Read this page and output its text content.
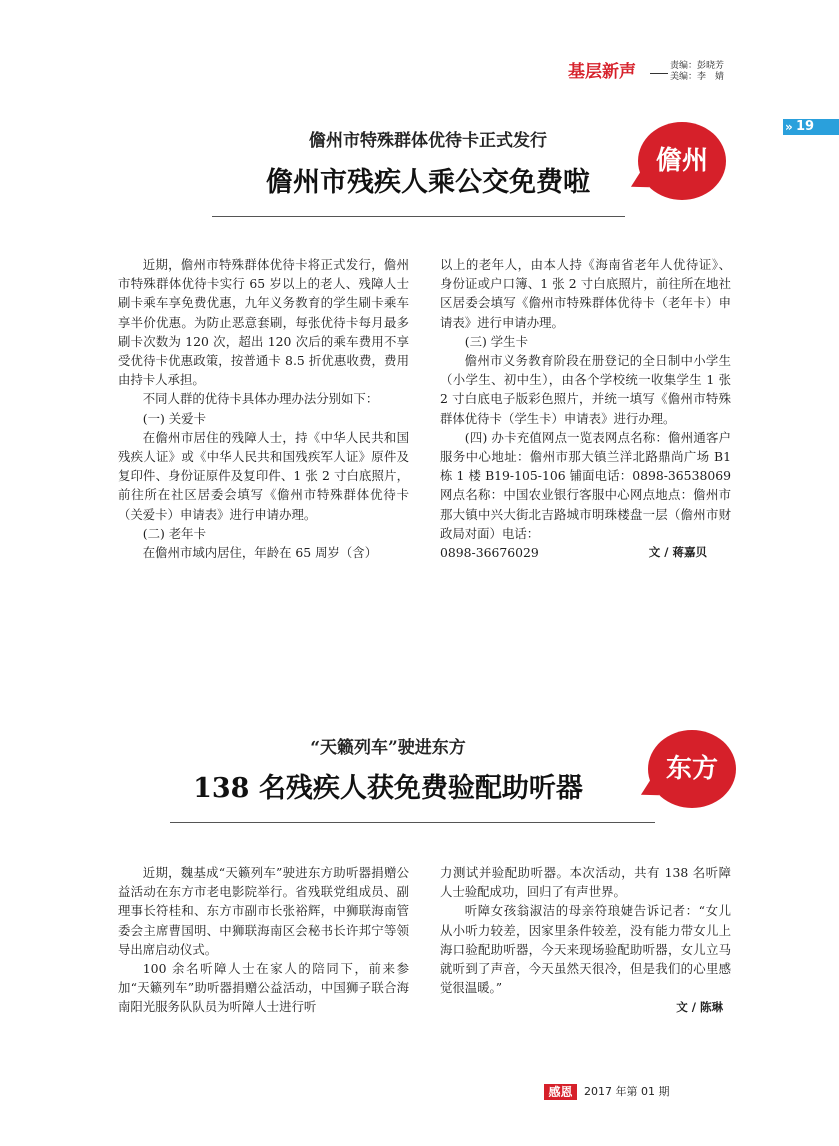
基层新声	责编：彭晓芳
美编：李　婧
» 19
儋州市特殊群体优待卡正式发行
儋州市残疾人乘公交免费啦
儋州

近期，儋州市特殊群体优待卡将正式发行，儋州市特殊群体优待卡实行 65 岁以上的老人、残障人士刷卡乘车享免费优惠，九年义务教育的学生刷卡乘车享半价优惠。为防止恶意套刷，每张优待卡每月最多刷卡次数为 120 次，超出 120 次后的乘车费用不享受优待卡优惠政策，按普通卡 8.5 折优惠收费，费用由持卡人承担。

不同人群的优待卡具体办理办法分别如下：

(一) 关爱卡

在儋州市居住的残障人士，持《中华人民共和国残疾人证》或《中华人民共和国残疾军人证》原件及复印件、身份证原件及复印件、1 张 2 寸白底照片，前往所在社区居委会填写《儋州市特殊群体优待卡（关爱卡）申请表》进行申请办理。

(二) 老年卡

在儋州市域内居住，年龄在 65 周岁（含）

以上的老年人，由本人持《海南省老年人优待证》、身份证或户口簿、1 张 2 寸白底照片，前往所在地社区居委会填写《儋州市特殊群体优待卡（老年卡）申请表》进行申请办理。

(三) 学生卡

儋州市义务教育阶段在册登记的全日制中小学生（小学生、初中生），由各个学校统一收集学生 1 张 2 寸白底电子版彩色照片，并统一填写《儋州市特殊群体优待卡（学生卡）申请表》进行办理。

(四) 办卡充值网点一览表网点名称：儋州通客户服务中心地址：儋州市那大镇兰洋北路鼎尚广场 B1 栋 1 楼 B19-105-106 铺面电话：0898-36538069 网点名称：中国农业银行客服中心网点地点：儋州市那大镇中兴大街北吉路城市明珠楼盘一层（儋州市财政局对面）电话：

0898-36676029	文 / 蒋嘉贝

“天籁列车”驶进东方
138 名残疾人获免费验配助听器
东方

近期，魏基成“天籁列车”驶进东方助听器捐赠公益活动在东方市老电影院举行。省残联党组成员、副理事长符桂和、东方市副市长张裕辉，中狮联海南管委会主席曹国明、中狮联海南区会秘书长许邦宁等领导出席启动仪式。

100 余名听障人士在家人的陪同下，前来参加“天籁列车”助听器捐赠公益活动，中国狮子联合海南阳光服务队队员为听障人士进行听

力测试并验配助听器。本次活动，共有 138 名听障人士验配成功，回归了有声世界。

听障女孩翁淑洁的母亲符琅婕告诉记者：“女儿从小听力较差，因家里条件较差，没有能力带女儿上海口验配助听器，今天来现场验配助听器，女儿立马就听到了声音，今天虽然天很冷，但是我们的心里感觉很温暖。”

文 / 陈琳

感恩	2017 年第 01 期
